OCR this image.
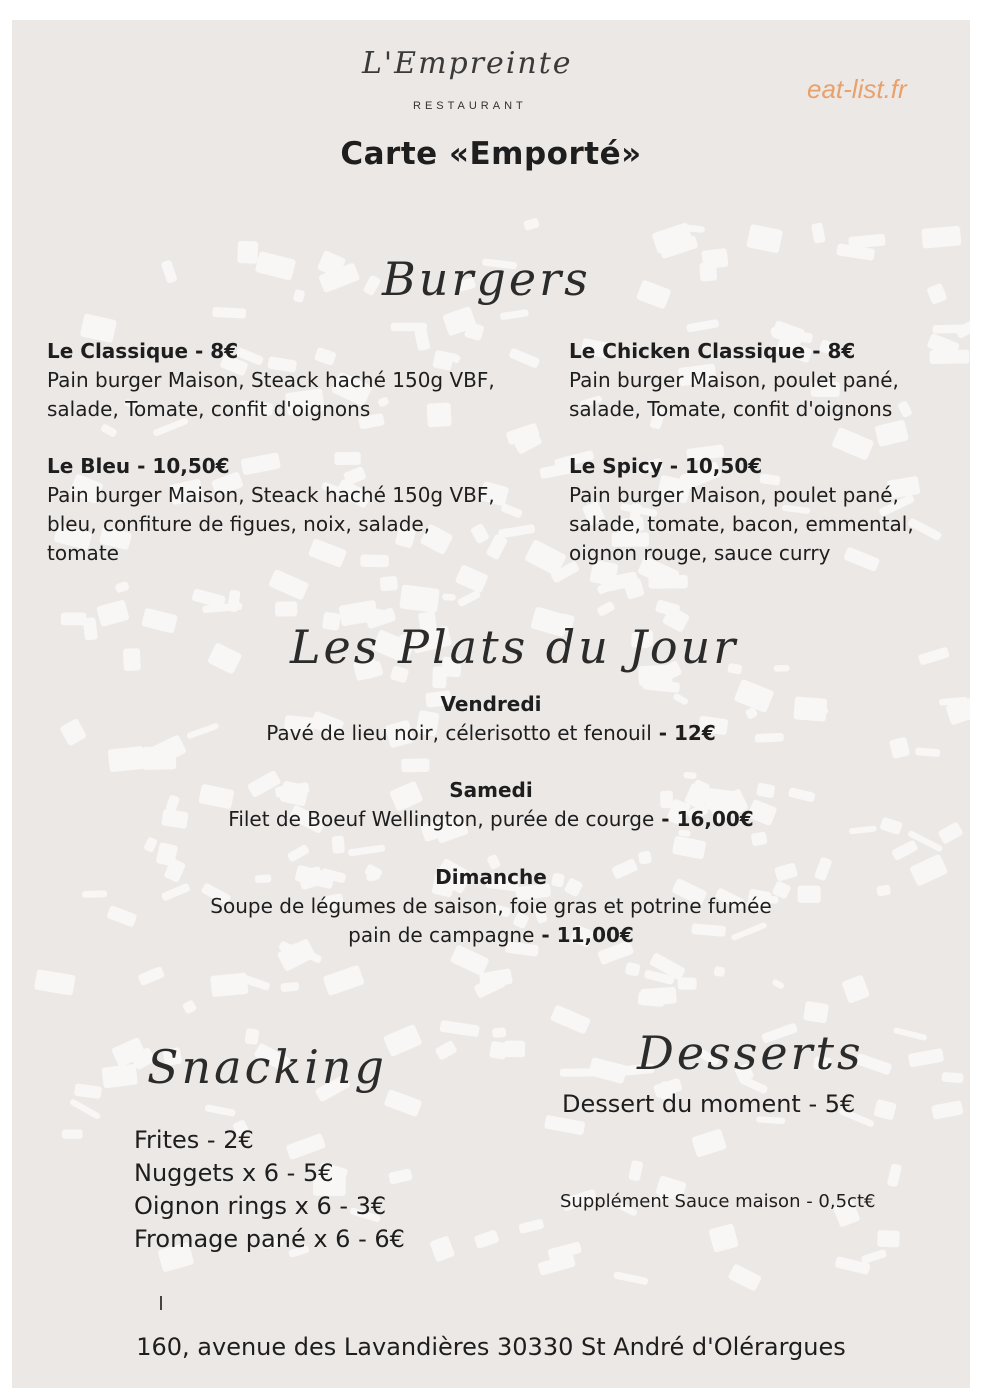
L'Empreinte
RESTAURANT
eat-list.fr
Carte «Emporté»
Burgers
Le Classique - 8€
Pain burger Maison, Steack haché 150g VBF,
salade, Tomate, confit d'oignons
Le Chicken Classique - 8€
Pain burger Maison, poulet pané,
salade, Tomate, confit d'oignons
Le Bleu - 10,50€
Pain burger Maison, Steack haché 150g VBF,
bleu, confiture de figues, noix, salade,
tomate
Le Spicy - 10,50€
Pain burger Maison, poulet pané,
salade, tomate, bacon, emmental,
oignon rouge, sauce curry
Les Plats du Jour
Vendredi
Pavé de lieu noir, célerisotto et fenouil - 12€
Samedi
Filet de Boeuf Wellington, purée de courge - 16,00€
Dimanche
Soupe de légumes de saison, foie gras et potrine fumée
pain de campagne - 11,00€
Snacking
Frites - 2€
Nuggets x 6 - 5€
Oignon rings x 6 - 3€
Fromage pané x 6 - 6€
Desserts
Dessert du moment - 5€
Supplément Sauce maison - 0,5ct€
160, avenue des Lavandières 30330 St André d'Olérargues
